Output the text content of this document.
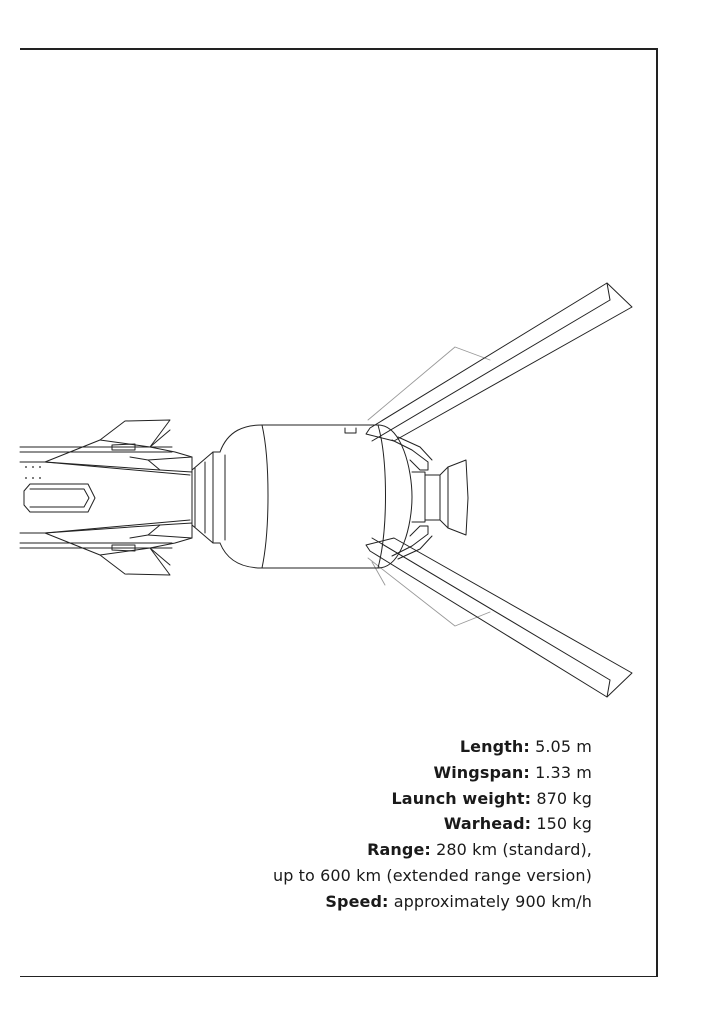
Length: 5.05 m
Wingspan: 1.33 m
Launch weight: 870 kg
Warhead: 150 kg
Range: 280 km (standard),
up to 600 km (extended range version)
Speed: approximately 900 km/h
